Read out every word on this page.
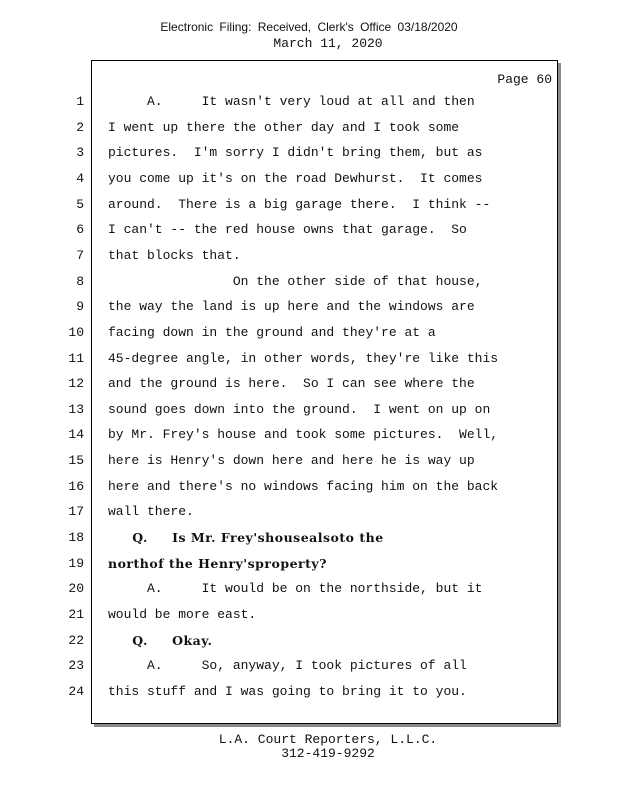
Electronic Filing: Received, Clerk's Office 03/18/2020
March 11, 2020
Page 60
1 A.     It wasn't very loud at all and then
2 I went up there the other day and I took some
3 pictures.  I'm sorry I didn't bring them, but as
4 you come up it's on the road Dewhurst.  It comes
5 around.  There is a big garage there.  I think --
6 I can't -- the red house owns that garage.  So
7 that blocks that.
8 On the other side of that house,
9 the way the land is up here and the windows are
10 facing down in the ground and they're at a
11 45-degree angle, in other words, they're like this
12 and the ground is here.  So I can see where the
13 sound goes down into the ground.  I went on up on
14 by Mr. Frey's house and took some pictures.  Well,
15 here is Henry's down here and here he is way up
16 here and there's no windows facing him on the back
17 wall there.
18 Q.     Is Mr. Frey'shousealsoto the
19 northof the Henry'sproperty?
20 A.     It would be on the northside, but it
21 would be more east.
22 Q.     Okay.
23 A.     So, anyway, I took pictures of all
24 this stuff and I was going to bring it to you.
L.A. Court Reporters, L.L.C.
312-419-9292
